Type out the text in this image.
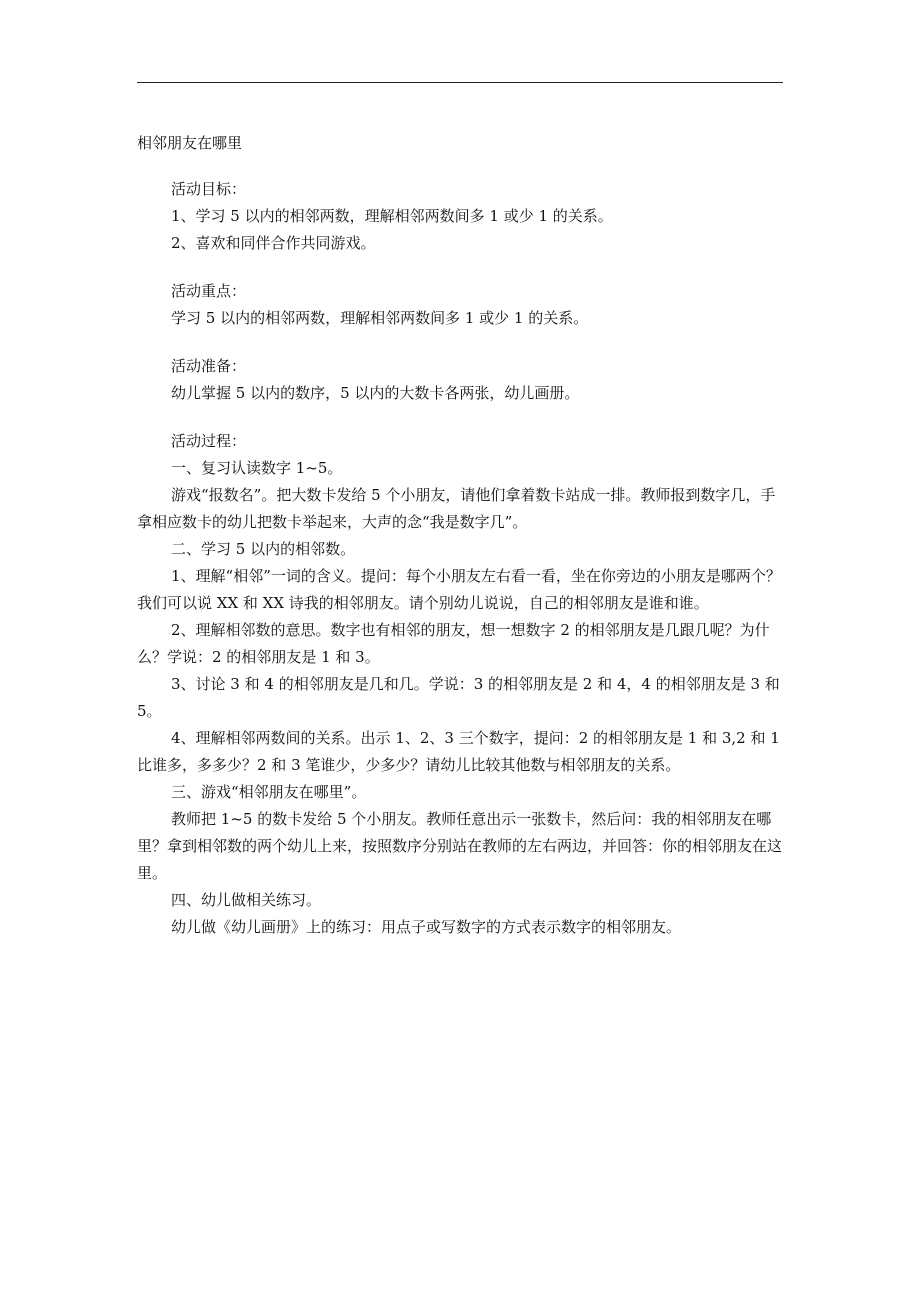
相邻朋友在哪里
活动目标：
1、学习 5 以内的相邻两数，理解相邻两数间多 1 或少 1 的关系。
2、喜欢和同伴合作共同游戏。
活动重点：
学习 5 以内的相邻两数，理解相邻两数间多 1 或少 1 的关系。
活动准备：
幼儿掌握 5 以内的数序，5 以内的大数卡各两张，幼儿画册。
活动过程：

一、复习认读数字 1~5。

游戏“报数名”。把大数卡发给 5 个小朋友，请他们拿着数卡站成一排。教师报到数字几，手拿相应数卡的幼儿把数卡举起来，大声的念“我是数字几”。

二、学习 5 以内的相邻数。

1、理解“相邻”一词的含义。提问：每个小朋友左右看一看，坐在你旁边的小朋友是哪两个？我们可以说 XX 和 XX 诗我的相邻朋友。请个别幼儿说说，自己的相邻朋友是谁和谁。

2、理解相邻数的意思。数字也有相邻的朋友，想一想数字 2 的相邻朋友是几跟几呢？为什么？学说：2 的相邻朋友是 1 和 3。

3、讨论 3 和 4 的相邻朋友是几和几。学说：3 的相邻朋友是 2 和 4，4 的相邻朋友是 3 和 5。

4、理解相邻两数间的关系。出示 1、2、3 三个数字，提问：2 的相邻朋友是 1 和 3,2 和 1 比谁多，多多少？2 和 3 笔谁少，少多少？请幼儿比较其他数与相邻朋友的关系。

三、游戏“相邻朋友在哪里”。

教师把 1~5 的数卡发给 5 个小朋友。教师任意出示一张数卡，然后问：我的相邻朋友在哪里？拿到相邻数的两个幼儿上来，按照数序分别站在教师的左右两边，并回答：你的相邻朋友在这里。

四、幼儿做相关练习。

幼儿做《幼儿画册》上的练习：用点子或写数字的方式表示数字的相邻朋友。
